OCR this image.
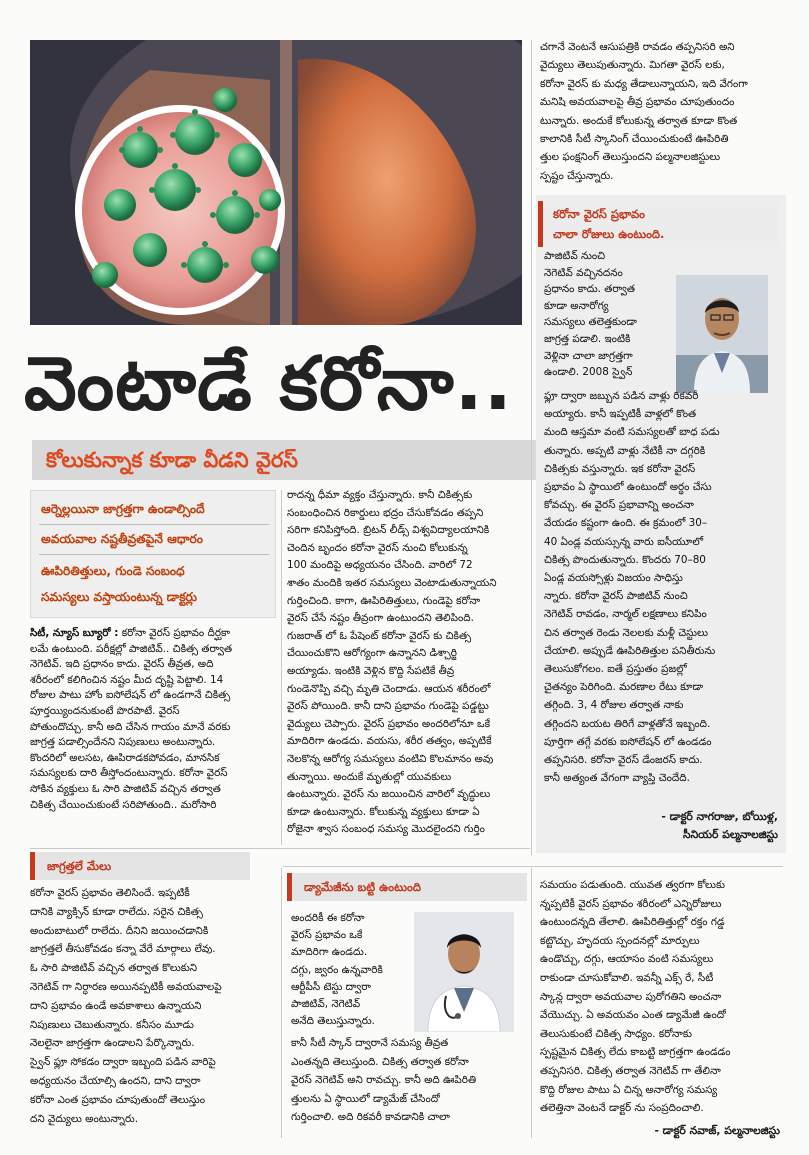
వెంటాడే కరోనా..
కోలుకున్నాక కూడా వీడని వైరస్
ఆర్నెల్లయినా జాగ్రత్తగా ఉండాల్సిందే
అవయవాల నష్టతీవ్రతపైనే ఆధారం
ఊపిరితిత్తులు, గుండె సంబంధ
సమస్యలు వస్తాయంటున్న డాక్టర్లు
సిటీ, న్యూస్ బ్యూరో : కరోనా వైరస్ ప్రభావం దీర్ఘకా
లమే ఉంటుంది. పరీక్షల్లో పాజిటివ్.. చికిత్స తర్వాత
నెగెటివ్. ఇది ప్రధానం కాదు. వైరస్ తీవ్రత, అది
శరీరంలో కలిగించిన నష్టం మీద దృష్టి పెట్టాలి. 14
రోజుల పాటు హోం ఐసోలేషన్ లో ఉండగానే చికిత్స
పూర్తయ్యిందనుకుంటే పొరపాటే. వైరస్
పోతుందొచ్చు. కానీ అది చేసిన గాయం మానే వరకు
జాగ్రత్త పడాల్సిందేనని నిపుణులు అంటున్నారు.
కొందరిలో అలసట, ఊపిరాడకపోవడం, మానసిక
సమస్యలకు దారి తీస్తోందంటున్నారు. కరోనా వైరస్
సోకిన వ్యక్తులు ఓ సారి పాజిటివ్ వచ్చిన తర్వాత
చికిత్స చేయించుకుంటే సరిపోతుంది.. మరోసారి
రాదన్న ధీమా వ్యక్తం చేస్తున్నారు. కానీ చికిత్సకు
సంబంధించిన రికార్డులు భద్రం చేసుకోవడం తప్పని
సరిగా కనిపిస్తోంది. బ్రిటన్ లీడ్స్ విశ్వవిద్యాలయానికి
చెందిన బృందం కరోనా వైరస్ నుంచి కోలుకున్న
100 మందిపై అధ్యయనం చేసింది. వారిలో 72
శాతం మందికి ఇతర సమస్యలు వెంటాడుతున్నాయని
గుర్తించింది. కాగా, ఊపిరితిత్తులు, గుండెపై కరోనా
వైరస్ చేసే నష్టం తీవ్రంగా ఉంటుందని తెలిపింది.
గుజరాత్ లో ఓ పేషెంట్ కరోనా వైరస్ కు చికిత్స
చేయించుకొని ఆరోగ్యంగా ఉన్నానని డిశ్చార్జి
అయ్యాడు. ఇంటికి వెళ్లిన కొద్ది సేపటికే తీవ్ర
గుండెనొప్పి వచ్చి మృతి చెందాడు. ఆయన శరీరంలో
వైరస్ పోయింది. కానీ దాని ప్రభావం గుండెపై పడ్డట్టు
వైద్యులు చెప్పారు. వైరస్ ప్రభావం అందరిలోనూ ఒకే
మాదిరిగా ఉండదు. వయసు, శరీర తత్వం, అప్పటికే
నెలకొన్న ఆరోగ్య సమస్యలు వంటివి కొలమానం అవు
తున్నాయి. అందుకే మృతుల్లో యువకులు
ఉంటున్నారు. వైరస్ ను జయించిన వారిలో వృద్ధులు
కూడా ఉంటున్నారు. కోలుకున్న వ్యక్తులు కూడా ఏ
రోజైనా శ్వాస సంబంధ సమస్య మొదలైందని గుర్తిం
చగానే వెంటనే ఆసుపత్రికి రావడం తప్పనిసరి అని
వైద్యులు తెలుపుతున్నారు. మిగతా వైరస్ లకు,
కరోనా వైరస్ కు మధ్య తేడాలున్నాయని, ఇది వేగంగా
మనిషి అవయవాలపై తీవ్ర ప్రభావం చూపుతుందం
టున్నారు. అందుకే కోలుకున్న తర్వాత కూడా కొంత
కాలానికి సీటీ స్కానింగ్ చేయించుకుంటే ఊపిరితి
త్తుల ఫంక్షనింగ్ తెలుస్తుందని పల్మనాలజిస్టులు
స్పష్టం చేస్తున్నారు.
కరోనా వైరస్ ప్రభావం
చాలా రోజులు ఉంటుంది.
పాజిటివ్ నుంచి
నెగెటివ్ వచ్చినదనం
ప్రధానం కాదు. తర్వాత
కూడా అనారోగ్య
సమస్యలు తలెత్తకుండా
జాగ్రత్త పడాలి. ఇంటికి
వెళ్లినా చాలా జాగ్రత్తగా
ఉండాలి. 2008 స్వైన్
ఫ్లూ ద్వారా జబ్బున పడిన వాళ్లు రికవరీ
అయ్యారు. కానీ ఇప్పటికీ వాళ్లలో కొంత
మంది ఆస్తమా వంటి సమస్యలతో బాధ పడు
తున్నారు. అప్పటి వాళ్లు నేటికీ నా దగ్గరికి
చికిత్సకు వస్తున్నారు. ఇక కరోనా వైరస్
ప్రభావం ఏ స్థాయిలో ఉంటుందో అర్థం చేసు
కోవచ్చు. ఈ వైరస్ ప్రభావాన్ని అంచనా
వేయడం కష్టంగా ఉంది. ఈ క్రమంలో 30–
40 ఏండ్ల వయస్సున్న వారు ఐసీయూలో
చికిత్స పొందుతున్నారు. కొందరు 70–80
ఏండ్ల వయస్సోళ్లు విజయం సాధిస్తు
న్నారు. కరోనా వైరస్ పాజిటివ్ నుంచి
నెగెటివ్ రావడం, నార్మల్ లక్షణాలు కనిపిం
చిన తర్వాత రెండు నెలలకు మళ్లీ చెస్టులు
చేయాలి. అప్పుడే ఊపిరితిత్తుల పనితీరును
తెలుసుకోగలం. ఐతే ప్రస్తుతం ప్రజల్లో
చైతన్యం పెరిగింది. మరణాల రేటు కూడా
తగ్గింది. 3, 4 రోజుల తర్వాత నాకు
తగ్గిందని బయట తిరిగే వాళ్లతోనే ఇబ్బంది.
పూర్తిగా తగ్గే వరకు ఐసోలేషన్ లో ఉండడం
తప్పనిసరి. కరోనా వైరస్ డేంజరస్ కాదు.
కానీ అత్యంత వేగంగా వ్యాప్తి చెందేది.
- డాక్టర్ నాగరాజు, బోయిళ్ల,
సీనియర్ పల్మనాలజిస్టు
జాగ్రత్తలే మేలు
కరోనా వైరస్ ప్రభావం తెలిసిందే. ఇప్పటికీ
దానికి వ్యాక్సిన్ కూడా రాలేదు. సరైన చికిత్స
అందుబాటులో రాలేదు. దీనిని జయించడానికి
జాగ్రత్తలే తీసుకోవడం కన్నా వేరే మార్గాలు లేవు.
ఓ సారి పాజిటివ్ వచ్చిన తర్వాత కొలుకుని
నెగెటివ్ గా నిర్ధారణ అయినప్పటికీ అవయవాలపై
దాని ప్రభావం ఉండే అవకాశాలు ఉన్నాయని
నిపుణులు చెబుతున్నారు. కనీసం మూడు
నెలలైనా జాగ్రత్తగా ఉండాలని పేర్కొన్నారు.
స్వైన్ ఫ్లూ సోకడం ద్వారా ఇబ్బంది పడిన వారిపై
అధ్యయనం చేయాల్సి ఉందని, దాని ద్వారా
కరోనా ఎంత ప్రభావం చూపుతుందో తెలుస్తుం
దని వైద్యులు అంటున్నారు.
డ్యామేజీను బట్టి ఉంటుంది
అందరికీ ఈ కరోనా
వైరస్ ప్రభావం ఒకే
మాదిరిగా ఉండదు.
దగ్గు, జ్వరం ఉన్నవారికి
ఆర్టీపీసీ టెస్టు ద్వారా
పాజిటివ్, నెగెటివ్
అనేది తెలుస్తున్నారు.
కానీ సీటీ స్కాన్ ద్వారానే సమస్య తీవ్రత
ఎంతన్నది తెలుస్తుంది. చికిత్స తర్వాత కరోనా
వైరస్ నెగెటివ్ అని రావచ్చు. కానీ అది ఊపిరితి
త్తులను ఏ స్థాయిలో డ్యామేజ్ చేసిందో
గుర్తించాలి. అది రికవరీ కావడానికి చాలా
సమయం పడుతుంది. యువత త్వరగా కోలుకు
న్నప్పటికీ వైరస్ ప్రభావం శరీరంలో ఎన్నిరోజులు
ఉంటుందన్నది తేలాలి. ఊపిరితిత్తుల్లో రక్తం గడ్డ
కట్టొచ్చు, హృదయ స్పందనల్లో మార్పులు
ఉండొచ్చు, దగ్గు, ఆయాసం వంటి సమస్యలు
రాకుండా చూసుకోవాలి. ఇవన్నీ ఎక్స్ రే, సీటీ
స్కాన్ల ద్వారా అవయవాల పురోగతిని అంచనా
వేయొచ్చు. ఏ అవయవం ఎంత డ్యామేజీ ఉందో
తెలుసుకుంటే చికిత్స సాధ్యం. కరోనాకు
స్పష్టమైన చికిత్స లేదు కాబట్టి జాగ్రత్తగా ఉండడం
తప్పనిసరి. చికిత్స తర్వాత నెగెటివ్ గా తేలినా
కొద్ది రోజుల పాటు ఏ చిన్న అనారోగ్య సమస్య
తలెత్తినా వెంటనే డాక్టర్ ను సంప్రదించాలి.
- డాక్టర్ నవాజ్, పల్మనాలజిస్టు
